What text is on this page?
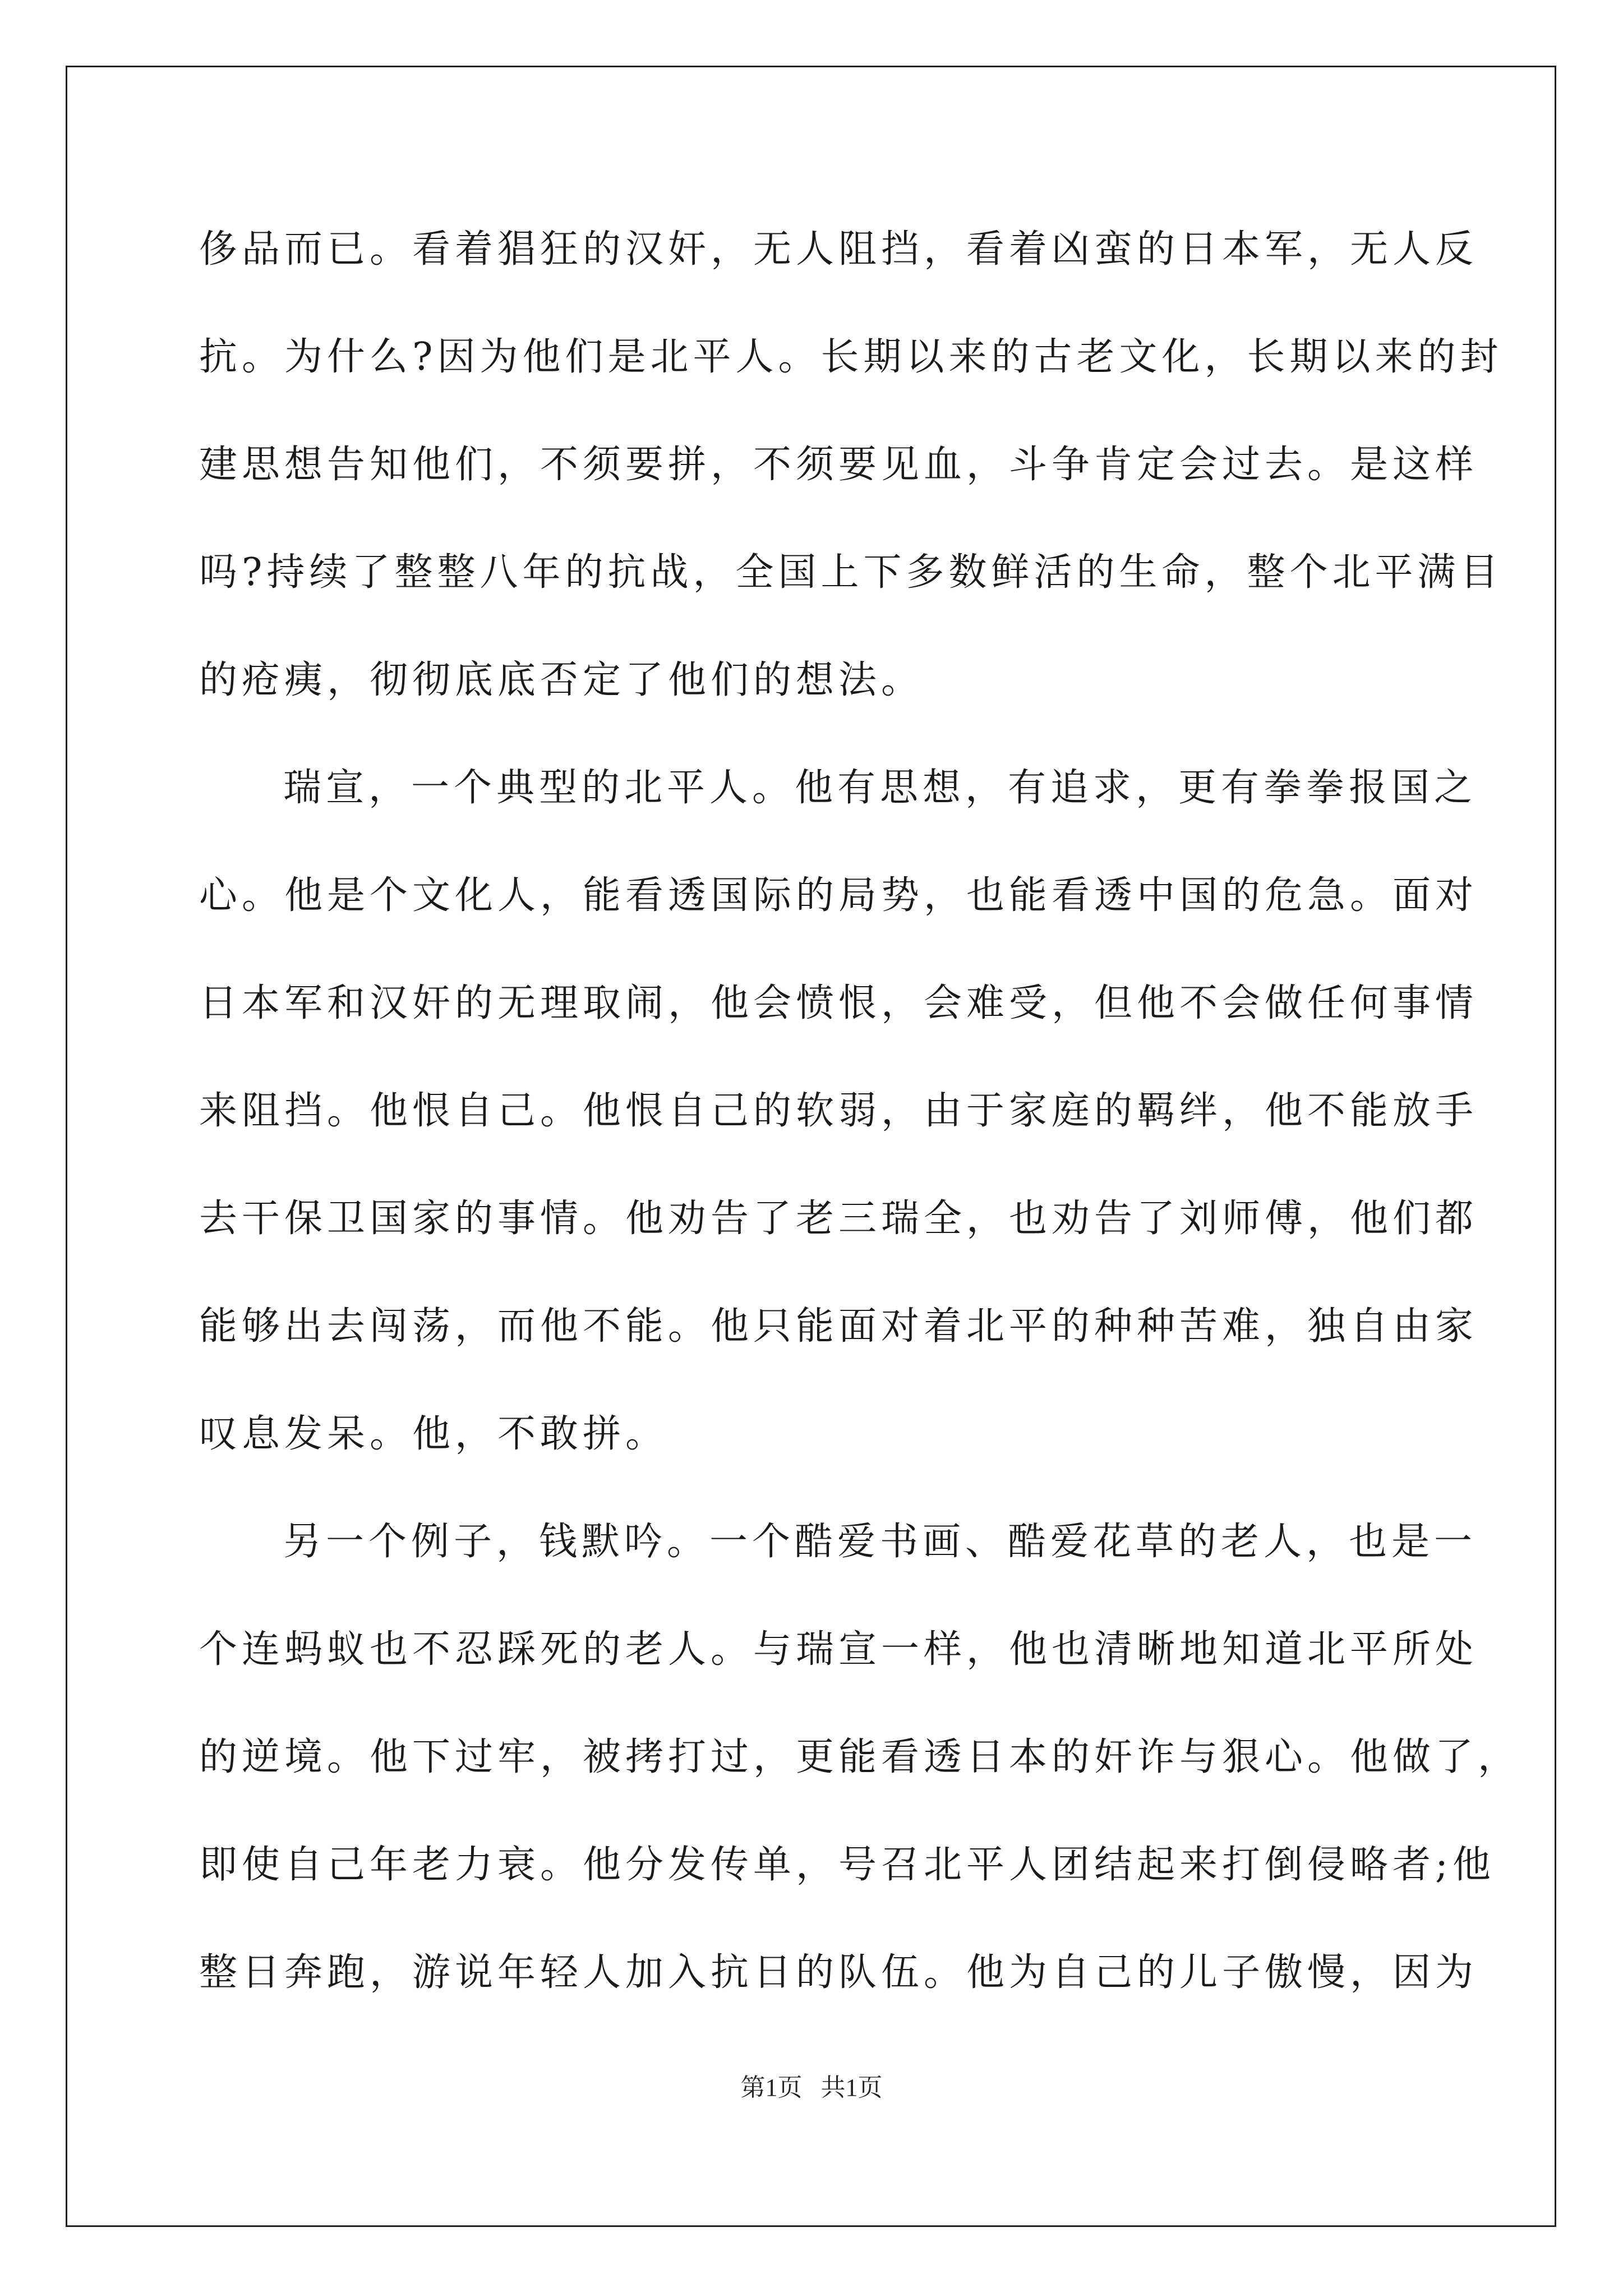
侈品而已。看着猖狂的汉奸，无人阻挡，看着凶蛮的日本军，无人反
抗。为什么?因为他们是北平人。长期以来的古老文化，长期以来的封
建思想告知他们，不须要拼，不须要见血，斗争肯定会过去。是这样
吗?持续了整整八年的抗战，全国上下多数鲜活的生命，整个北平满目
的疮痍，彻彻底底否定了他们的想法。
瑞宣，一个典型的北平人。他有思想，有追求，更有拳拳报国之
心。他是个文化人，能看透国际的局势，也能看透中国的危急。面对
日本军和汉奸的无理取闹，他会愤恨，会难受，但他不会做任何事情
来阻挡。他恨自己。他恨自己的软弱，由于家庭的羁绊，他不能放手
去干保卫国家的事情。他劝告了老三瑞全，也劝告了刘师傅，他们都
能够出去闯荡，而他不能。他只能面对着北平的种种苦难，独自由家
叹息发呆。他，不敢拼。
另一个例子，钱默吟。一个酷爱书画、酷爱花草的老人，也是一
个连蚂蚁也不忍踩死的老人。与瑞宣一样，他也清晰地知道北平所处
的逆境。他下过牢，被拷打过，更能看透日本的奸诈与狠心。他做了，
即使自己年老力衰。他分发传单，号召北平人团结起来打倒侵略者;他
整日奔跑，游说年轻人加入抗日的队伍。他为自己的儿子傲慢，因为
第1页   共1页
